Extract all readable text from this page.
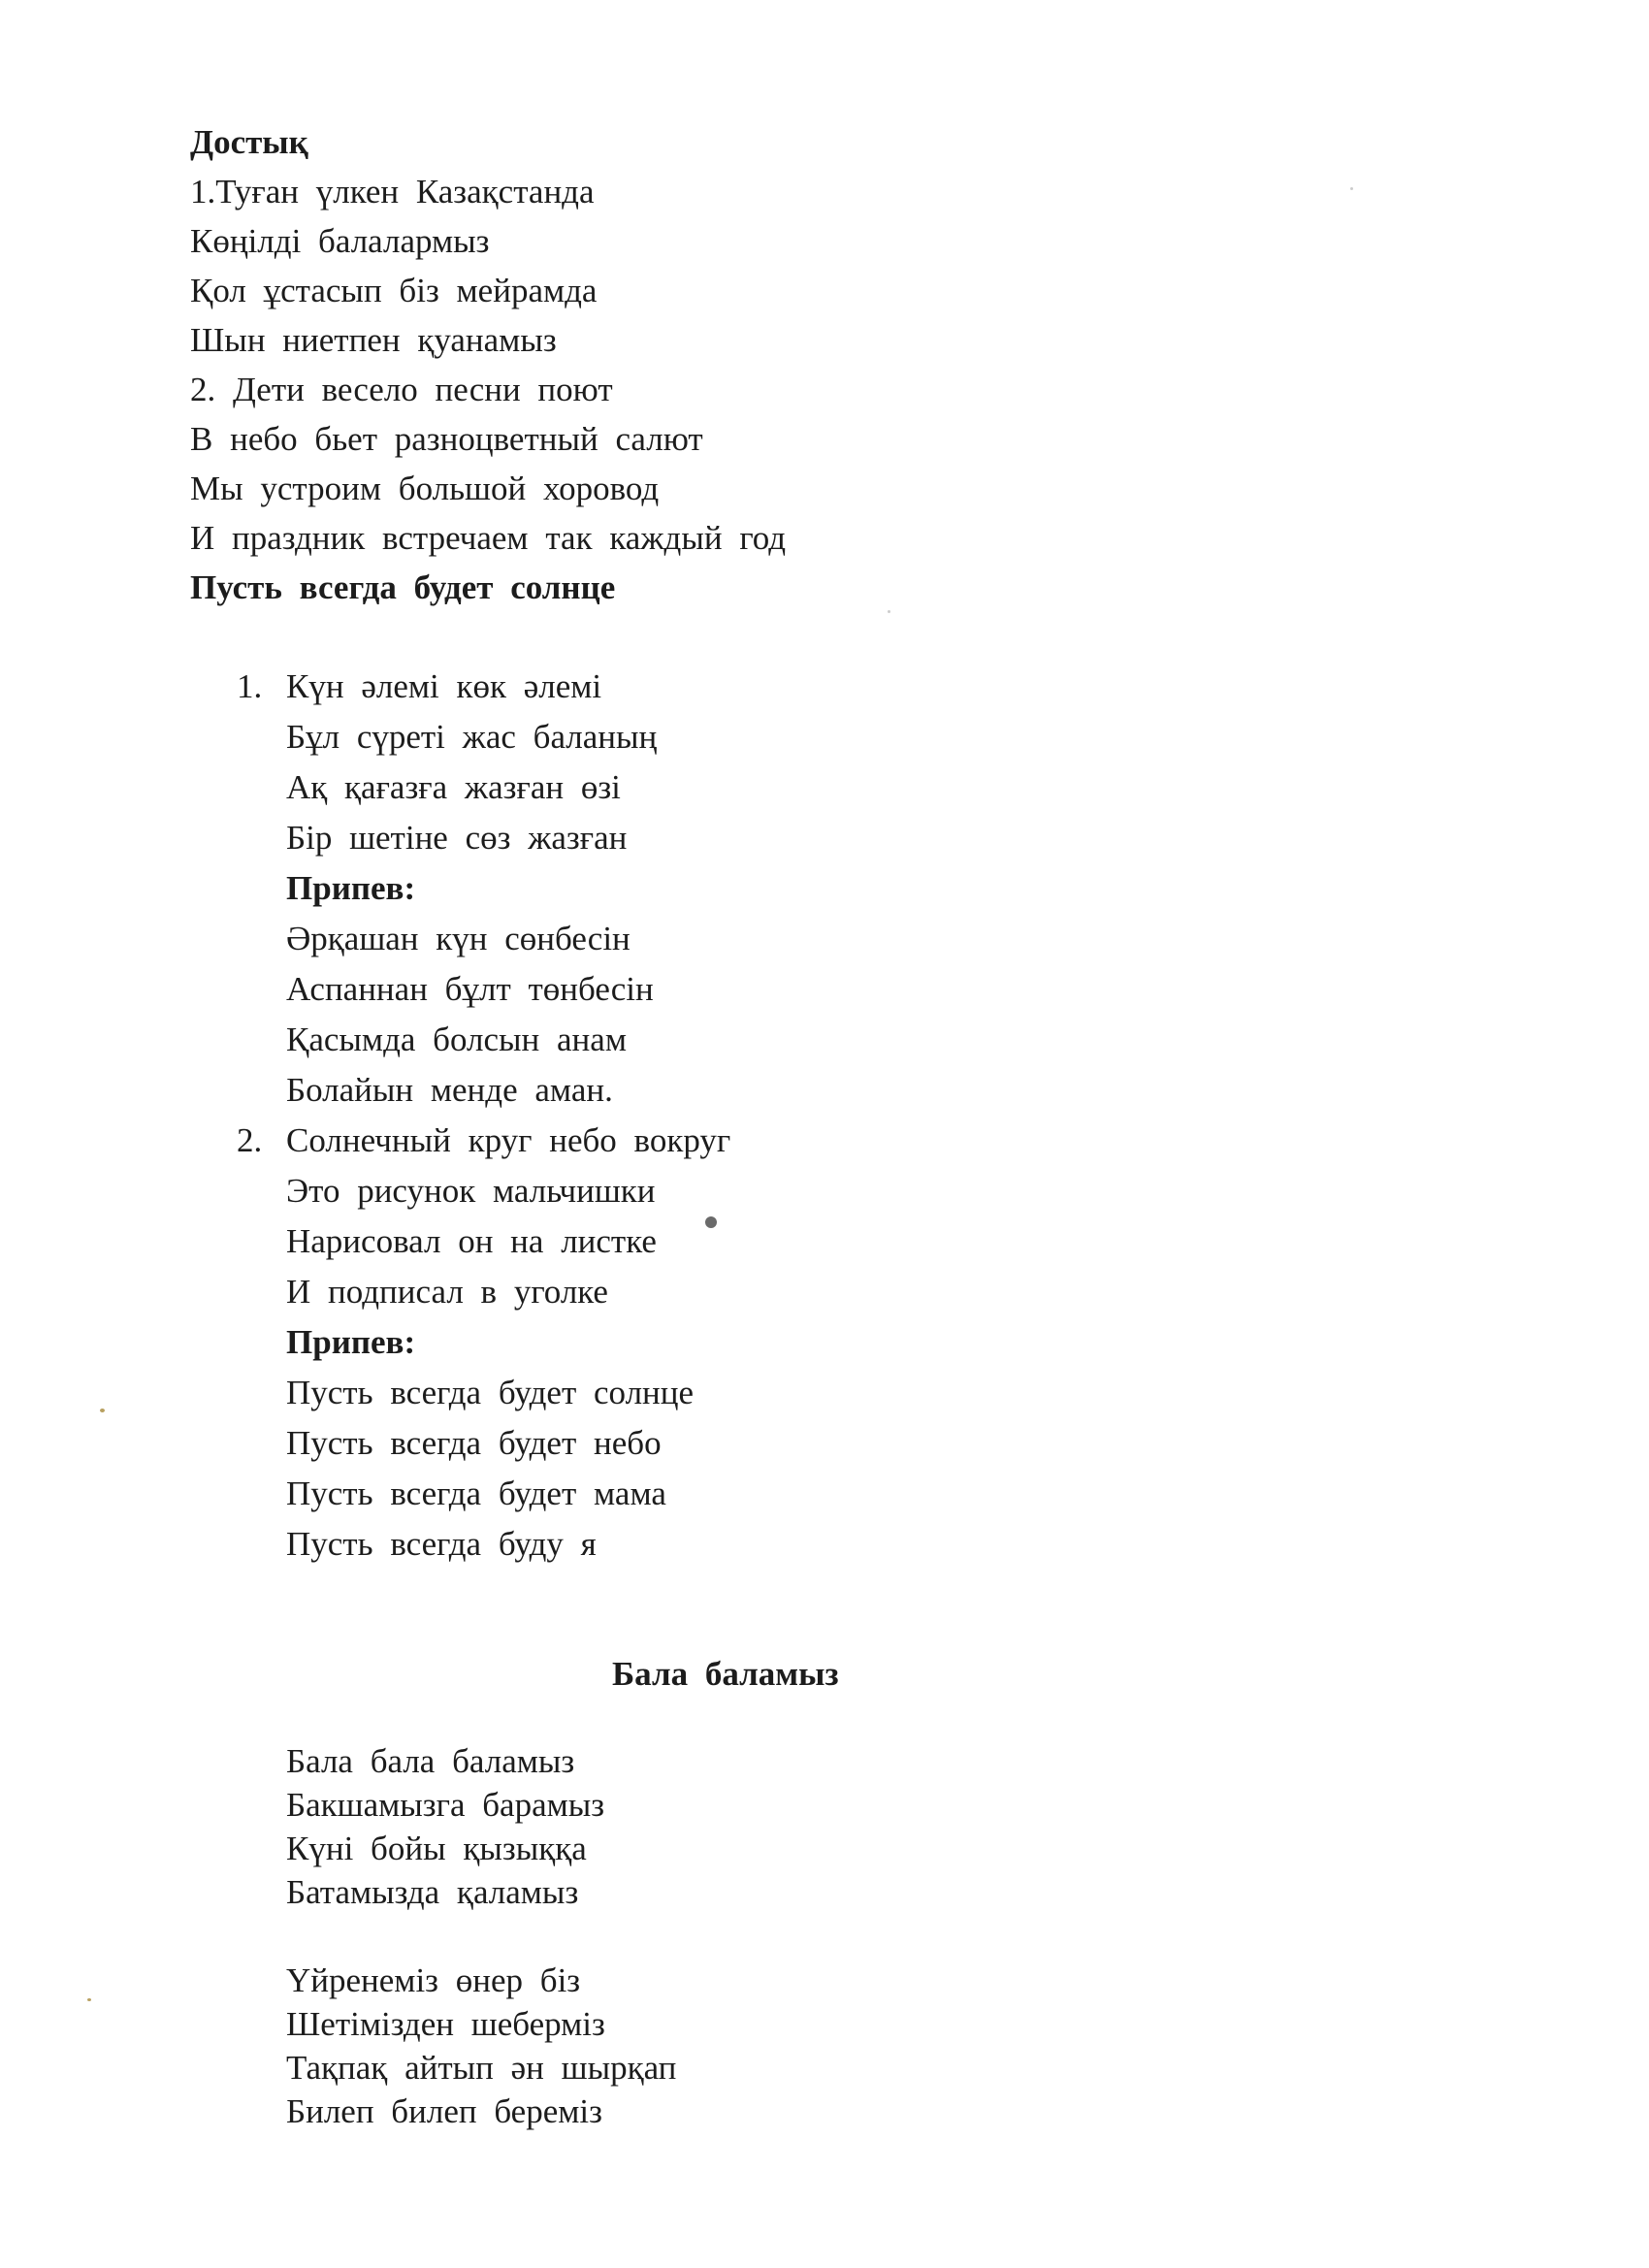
Достық
1.Туған үлкен Казақстанда
Көңілді балалармыз
Қол ұстасып біз мейрамда
Шын ниетпен қуанамыз
2. Дети весело песни поют
В небо бьет разноцветный салют
Мы устроим большой хоровод
И праздник встречаем так каждый год
Пусть всегда будет солнце
1. Күн әлемі көк әлемі
Бұл сүреті жас баланың
Ақ қағазға жазған өзі
Бір шетіне сөз жазған
Припев:
Әрқашан күн сөнбесін
Аспаннан бұлт төнбесін
Қасымда болсын анам
Болайын менде аман.
2. Солнечный круг небо вокруг
Это рисунок мальчишки
Нарисовал он на листке
И подписал в уголке
Припев:
Пусть всегда будет солнце
Пусть всегда будет небо
Пусть всегда будет мама
Пусть всегда буду я
Бала баламыз
Бала бала баламыз
Бакшамызга барамыз
Күні бойы қызыққа
Батамызда қаламыз
Үйренеміз өнер біз
Шетімізден шеберміз
Тақпақ айтып ән шырқап
Билеп билеп береміз
